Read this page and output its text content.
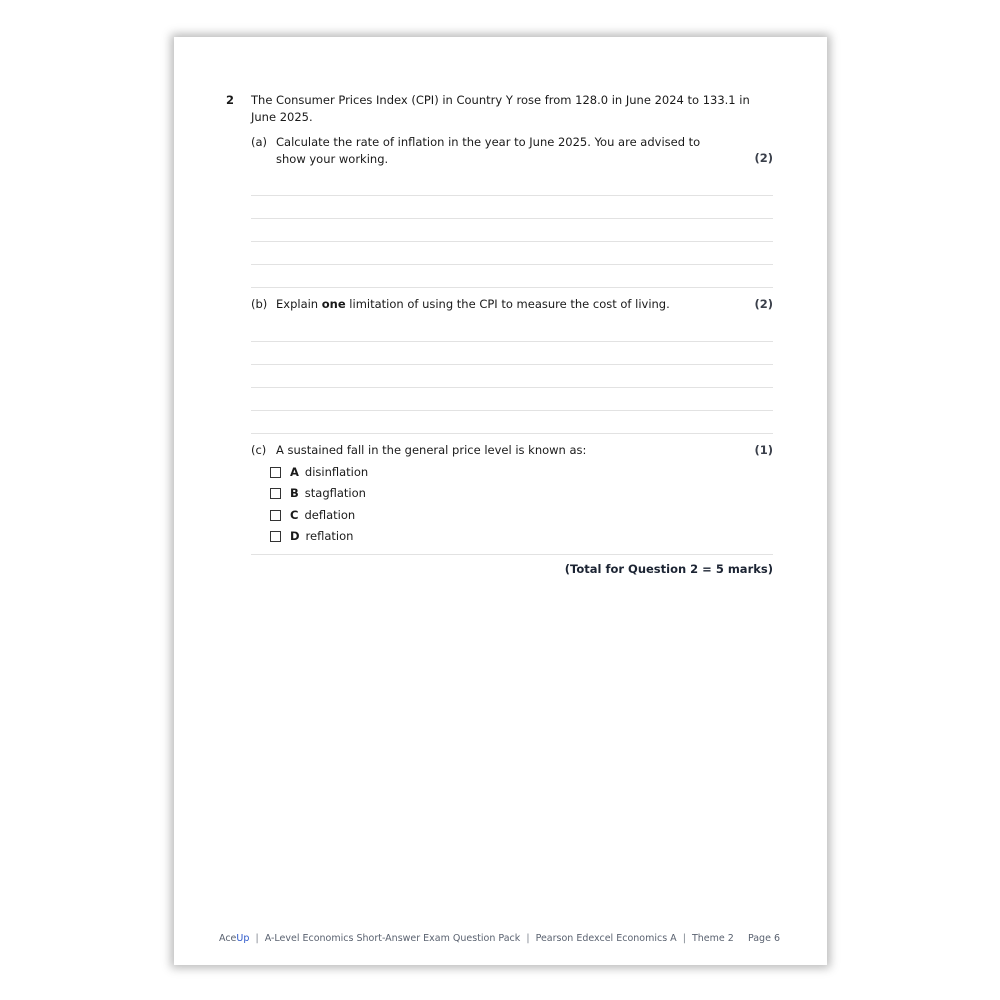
2 The Consumer Prices Index (CPI) in Country Y rose from 128.0 in June 2024 to 133.1 in June 2025.
(a) Calculate the rate of inflation in the year to June 2025. You are advised to show your working.	(2)
(b) Explain one limitation of using the CPI to measure the cost of living.	(2)
(c) A sustained fall in the general price level is known as:	(1)
A disinflation
B stagflation
C deflation
D reflation
(Total for Question 2 = 5 marks)
AceUp | A-Level Economics Short-Answer Exam Question Pack | Pearson Edexcel Economics A | Theme 2 Page 6
